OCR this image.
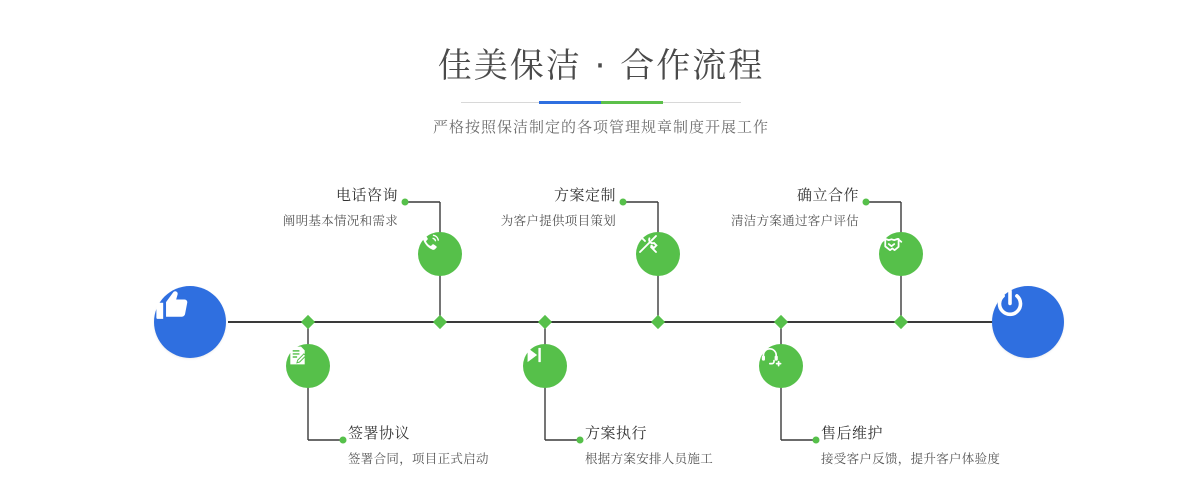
佳美保洁 · 合作流程

严格按照保洁制定的各项管理规章制度开展工作

电话咨询
阐明基本情况和需求
签署协议
签署合同，项目正式启动
方案定制
为客户提供项目策划
方案执行
根据方案安排人员施工
确立合作
清洁方案通过客户评估
售后维护
接受客户反馈，提升客户体验度
